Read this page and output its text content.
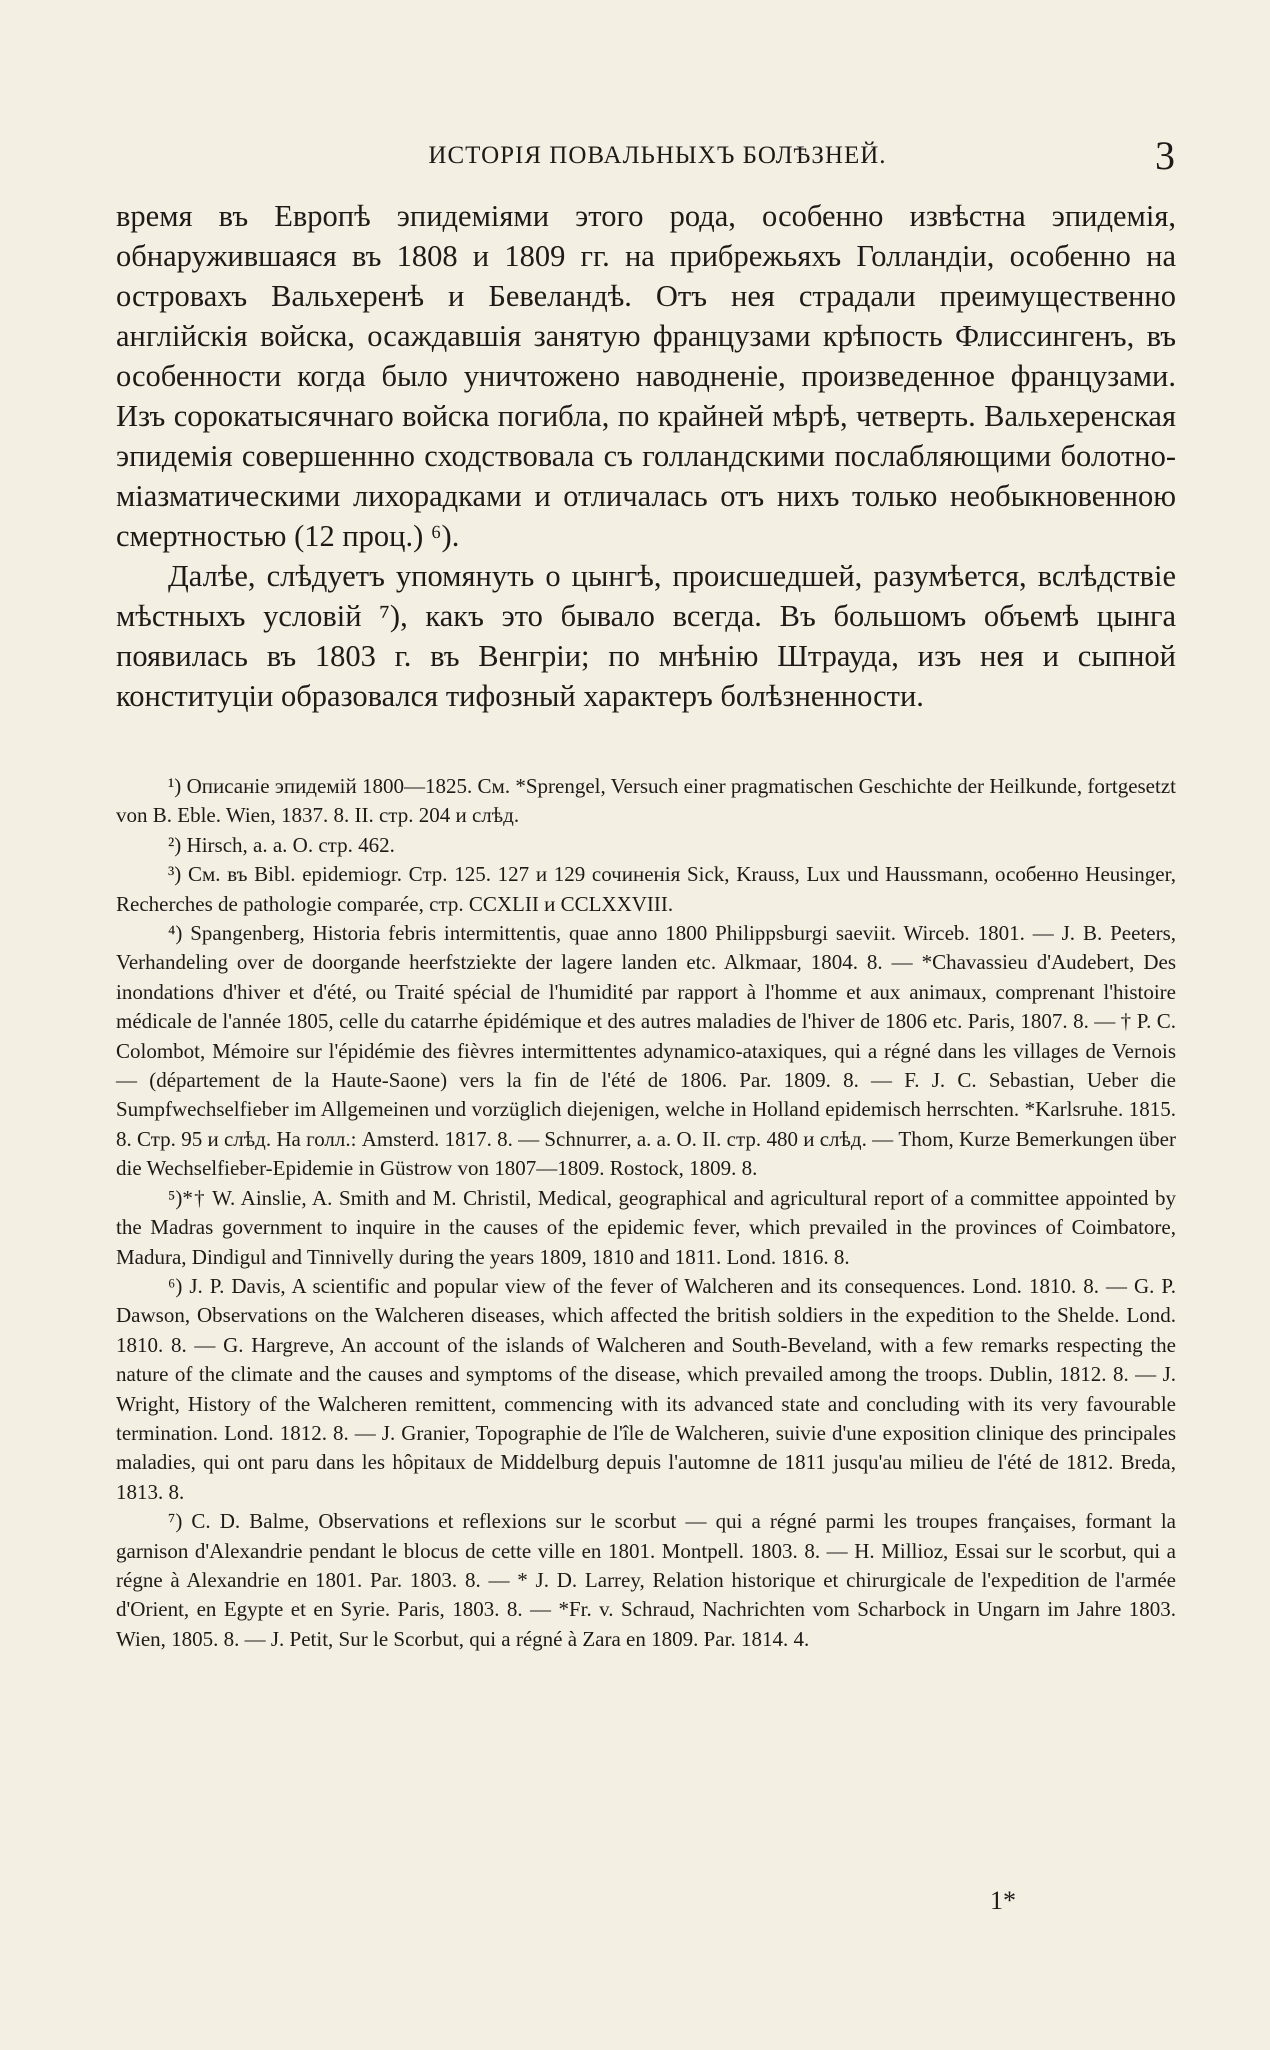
ИСТОРІЯ ПОВАЛЬНЫХЪ БОЛѢЗНЕЙ.	3

время въ Европѣ эпидеміями этого рода, особенно извѣстна эпидемія, обнаружившаяся въ 1808 и 1809 гг. на прибрежьяхъ Голландіи, особенно на островахъ Вальхеренѣ и Бевеландѣ. Отъ нея страдали преимущественно англійскія войска, осаждавшія занятую французами крѣпость Флиссингенъ, въ особенности когда было уничтожено наводненіе, произведенное французами. Изъ сорокатысячнаго войска погибла, по крайней мѣрѣ, четверть. Вальхеренская эпидемія совершеннно сходствовала съ голландскими послабляющими болотно-міазматическими лихорадками и отличалась отъ нихъ только необыкновенною смертностью (12 проц.) ⁶).

Далѣе, слѣдуетъ упомянуть о цынгѣ, происшедшей, разумѣется, вслѣдствіе мѣстныхъ условій ⁷), какъ это бывало всегда. Въ большомъ объемѣ цынга появилась въ 1803 г. въ Венгріи; по мнѣнію Штрауда, изъ нея и сыпной конституціи образовался тифозный характеръ болѣзненности.

¹) Описаніе эпидемій 1800—1825. См. *Sprengel, Versuch einer pragmatischen Geschichte der Heilkunde, fortgesetzt von B. Eble. Wien, 1837. 8. II. стр. 204 и слѣд.

²) Hirsch, a. a. O. стр. 462.

³) См. въ Bibl. epidemiogr. Стр. 125. 127 и 129 сочиненія Sick, Krauss, Lux und Haussmann, особенно Heusinger, Recherches de pathologie comparée, стр. CCXLII и CCLXXVIII.

⁴) Spangenberg, Historia febris intermittentis, quae anno 1800 Philippsburgi saeviit. Wirceb. 1801. — J. B. Peeters, Verhandeling over de doorgande heerfstziekte der lagere landen etc. Alkmaar, 1804. 8. — *Chavassieu d'Audebert, Des inondations d'hiver et d'été, ou Traité spécial de l'humidité par rapport à l'homme et aux animaux, comprenant l'histoire médicale de l'année 1805, celle du catarrhe épidémique et des autres maladies de l'hiver de 1806 etc. Paris, 1807. 8. — † P. C. Colombot, Mémoire sur l'épidémie des fièvres intermittentes adynamico-ataxiques, qui a régné dans les villages de Vernois — (département de la Haute-Saone) vers la fin de l'été de 1806. Par. 1809. 8. — F. J. C. Sebastian, Ueber die Sumpfwechselfieber im Allgemeinen und vorzüglich diejenigen, welche in Holland epidemisch herrschten. *Karlsruhe. 1815. 8. Стр. 95 и слѣд. На голл.: Amsterd. 1817. 8. — Schnurrer, a. a. O. II. стр. 480 и слѣд. — Thom, Kurze Bemerkungen über die Wechselfieber-Epidemie in Güstrow von 1807—1809. Rostock, 1809. 8.

⁵)*† W. Ainslie, A. Smith and M. Christil, Medical, geographical and agricultural report of a committee appointed by the Madras government to inquire in the causes of the epidemic fever, which prevailed in the provinces of Coimbatore, Madura, Dindigul and Tinnivelly during the years 1809, 1810 and 1811. Lond. 1816. 8.

⁶) J. P. Davis, A scientific and popular view of the fever of Walcheren and its consequences. Lond. 1810. 8. — G. P. Dawson, Observations on the Walcheren diseases, which affected the british soldiers in the expedition to the Shelde. Lond. 1810. 8. — G. Hargreve, An account of the islands of Walcheren and South-Beveland, with a few remarks respecting the nature of the climate and the causes and symptoms of the disease, which prevailed among the troops. Dublin, 1812. 8. — J. Wright, History of the Walcheren remittent, commencing with its advanced state and concluding with its very favourable termination. Lond. 1812. 8. — J. Granier, Topographie de l'île de Walcheren, suivie d'une exposition clinique des principales maladies, qui ont paru dans les hôpitaux de Middelburg depuis l'automne de 1811 jusqu'au milieu de l'été de 1812. Breda, 1813. 8.

⁷) C. D. Balme, Observations et reflexions sur le scorbut — qui a régné parmi les troupes françaises, formant la garnison d'Alexandrie pendant le blocus de cette ville en 1801. Montpell. 1803. 8. — H. Millioz, Essai sur le scorbut, qui a régne à Alexandrie en 1801. Par. 1803. 8. — * J. D. Larrey, Relation historique et chirurgicale de l'expedition de l'armée d'Orient, en Egypte et en Syrie. Paris, 1803. 8. — *Fr. v. Schraud, Nachrichten vom Scharbock in Ungarn im Jahre 1803. Wien, 1805. 8. — J. Petit, Sur le Scorbut, qui a régné à Zara en 1809. Par. 1814. 4.

1*
